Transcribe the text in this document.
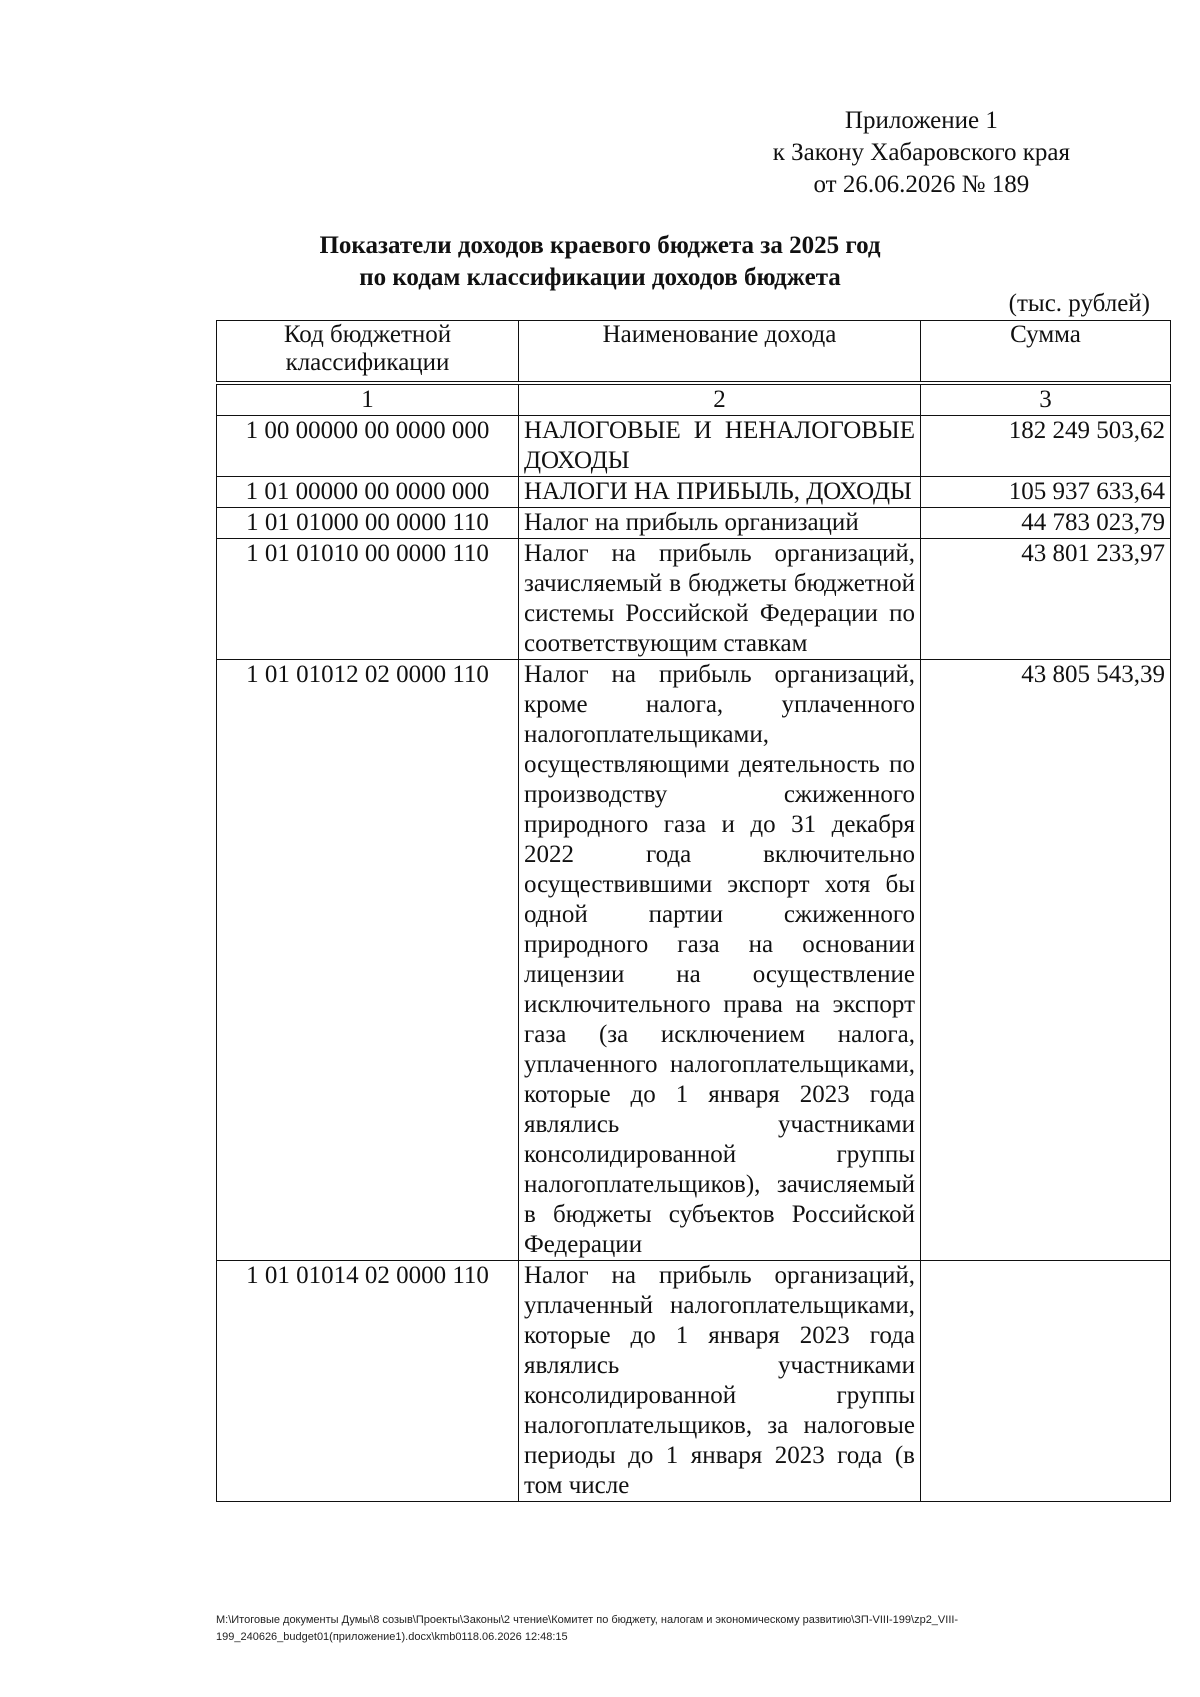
Приложение 1
к Закону Хабаровского края
от 26.06.2026 № 189
Показатели доходов краевого бюджета за 2025 год
по кодам классификации доходов бюджета
(тыс. рублей)
Код бюджетной классификации	Наименование дохода	Сумма
1	2	3
1 00 00000 00 0000 000	НАЛОГОВЫЕ И НЕНАЛОГОВЫЕ ДОХОДЫ	182 249 503,62
1 01 00000 00 0000 000	НАЛОГИ НА ПРИБЫЛЬ, ДОХОДЫ	105 937 633,64
1 01 01000 00 0000 110	Налог на прибыль организаций	44 783 023,79
1 01 01010 00 0000 110	Налог на прибыль организаций, зачисляемый в бюджеты бюджетной системы Российской Федерации по соответствующим ставкам	43 801 233,97
1 01 01012 02 0000 110	Налог на прибыль организаций, кроме налога, уплаченного налогоплательщиками, осуществляющими деятельность по производству сжиженного природного газа и до 31 декабря 2022 года включительно осуществившими экспорт хотя бы одной партии сжиженного природного газа на основании лицензии на осуществление исключительного права на экспорт газа (за исключением налога, уплаченного налогоплательщиками, которые до 1 января 2023 года являлись участниками консолидированной группы налогоплательщиков), зачисляемый в бюджеты субъектов Российской Федерации	43 805 543,39
1 01 01014 02 0000 110	Налог на прибыль организаций, уплаченный налогоплательщиками, которые до 1 января 2023 года являлись участниками консолидированной группы налогоплательщиков, за налоговые периоды до 1 января 2023 года (в том числе	
M:\Итоговые документы Думы\8 созыв\Проекты\Законы\2 чтение\Комитет по бюджету, налогам и экономическому развитию\ЗП-VIII-199\zp2_VIII-199_240626_budget01(приложение1).docx\kmb0118.06.2026 12:48:15
